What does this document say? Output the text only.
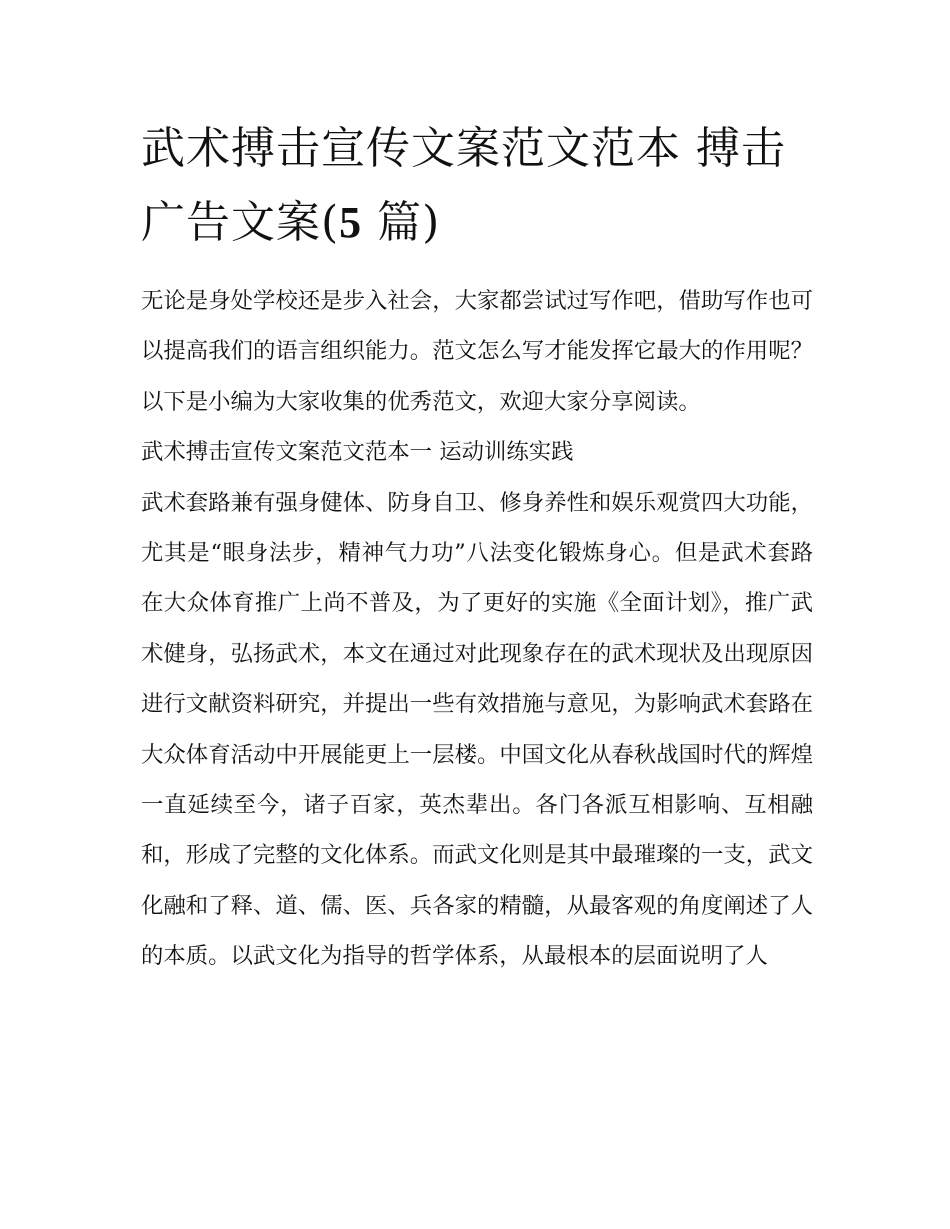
武术搏击宣传文案范文范本 搏击广告文案(5 篇)

无论是身处学校还是步入社会，大家都尝试过写作吧，借助写作也可以提高我们的语言组织能力。范文怎么写才能发挥它最大的作用呢？以下是小编为大家收集的优秀范文，欢迎大家分享阅读。

武术搏击宣传文案范文范本一 运动训练实践

武术套路兼有强身健体、防身自卫、修身养性和娱乐观赏四大功能，尤其是“眼身法步，精神气力功”八法变化锻炼身心。但是武术套路在大众体育推广上尚不普及，为了更好的实施《全面计划》，推广武术健身，弘扬武术，本文在通过对此现象存在的武术现状及出现原因进行文献资料研究，并提出一些有效措施与意见，为影响武术套路在大众体育活动中开展能更上一层楼。中国文化从春秋战国时代的辉煌一直延续至今，诸子百家，英杰辈出。各门各派互相影响、互相融和，形成了完整的文化体系。而武文化则是其中最璀璨的一支，武文化融和了释、道、儒、医、兵各家的精髓，从最客观的角度阐述了人的本质。以武文化为指导的哲学体系，从最根本的层面说明了人
